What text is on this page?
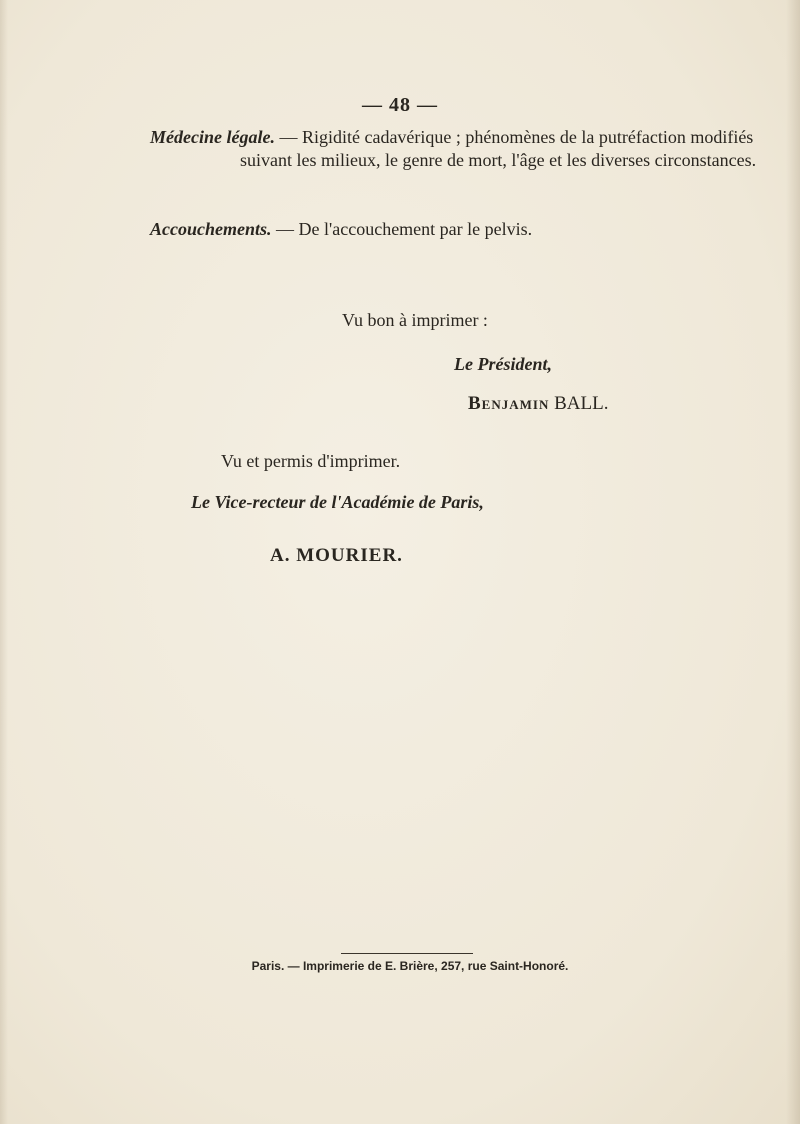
— 48 —
Médecine légale. — Rigidité cadavérique ; phénomènes de la putréfaction modifiés suivant les milieux, le genre de mort, l'âge et les diverses circonstances.
Accouchements. — De l'accouchement par le pelvis.
Vu bon à imprimer :
Le Président,
Benjamin BALL.
Vu et permis d'imprimer.
Le Vice-recteur de l'Académie de Paris,
A. MOURIER.
Paris. — Imprimerie de E. Brière, 257, rue Saint-Honoré.
